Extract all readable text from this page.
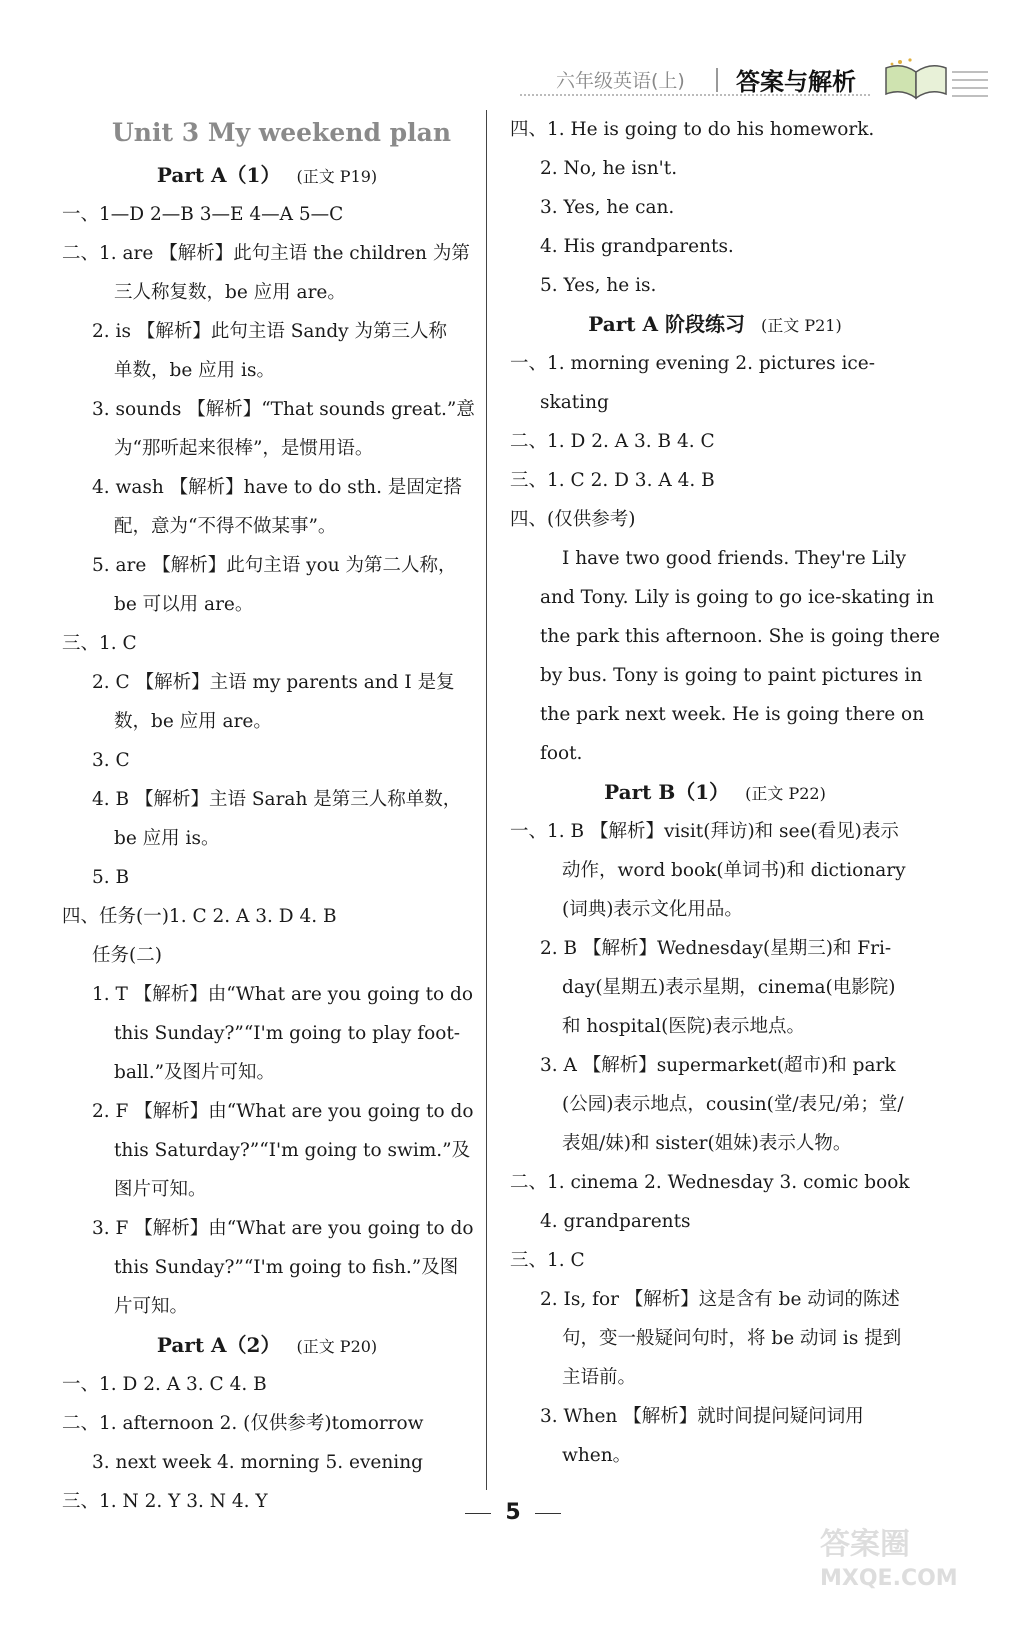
六年级英语(上) 答案与解析
Unit 3 My weekend plan
Part A（1） (正文 P19)
一、1—D 2—B 3—E 4—A 5—C
二、1. are 【解析】此句主语 the children 为第
三人称复数，be 应用 are。
2. is 【解析】此句主语 Sandy 为第三人称
单数，be 应用 is。
3. sounds 【解析】“That sounds great.”意
为“那听起来很棒”，是惯用语。
4. wash 【解析】have to do sth. 是固定搭
配，意为“不得不做某事”。
5. are 【解析】此句主语 you 为第二人称，
be 可以用 are。
三、1. C
2. C 【解析】主语 my parents and I 是复
数，be 应用 are。
3. C
4. B 【解析】主语 Sarah 是第三人称单数，
be 应用 is。
5. B
四、任务(一)1. C 2. A 3. D 4. B
任务(二)
1. T 【解析】由“What are you going to do
this Sunday?”“I'm going to play foot-
ball.”及图片可知。
2. F 【解析】由“What are you going to do
this Saturday?”“I'm going to swim.”及
图片可知。
3. F 【解析】由“What are you going to do
this Sunday?”“I'm going to fish.”及图
片可知。
Part A（2） (正文 P20)
一、1. D 2. A 3. C 4. B
二、1. afternoon 2. (仅供参考)tomorrow
3. next week 4. morning 5. evening
三、1. N 2. Y 3. N 4. Y
四、1. He is going to do his homework.
2. No, he isn't.
3. Yes, he can.
4. His grandparents.
5. Yes, he is.
Part A 阶段练习 (正文 P21)
一、1. morning evening 2. pictures ice-
skating
二、1. D 2. A 3. B 4. C
三、1. C 2. D 3. A 4. B
四、(仅供参考)
I have two good friends. They're Lily
and Tony. Lily is going to go ice-skating in
the park this afternoon. She is going there
by bus. Tony is going to paint pictures in
the park next week. He is going there on
foot.
Part B（1） (正文 P22)
一、1. B 【解析】visit(拜访)和 see(看见)表示
动作，word book(单词书)和 dictionary
(词典)表示文化用品。
2. B 【解析】Wednesday(星期三)和 Fri-
day(星期五)表示星期，cinema(电影院)
和 hospital(医院)表示地点。
3. A 【解析】supermarket(超市)和 park
(公园)表示地点，cousin(堂/表兄/弟；堂/
表姐/妹)和 sister(姐妹)表示人物。
二、1. cinema 2. Wednesday 3. comic book
4. grandparents
三、1. C
2. Is, for 【解析】这是含有 be 动词的陈述
句，变一般疑问句时，将 be 动词 is 提到
主语前。
3. When 【解析】就时间提问疑问词用
when。
5
答案圈
MXQE.COM
